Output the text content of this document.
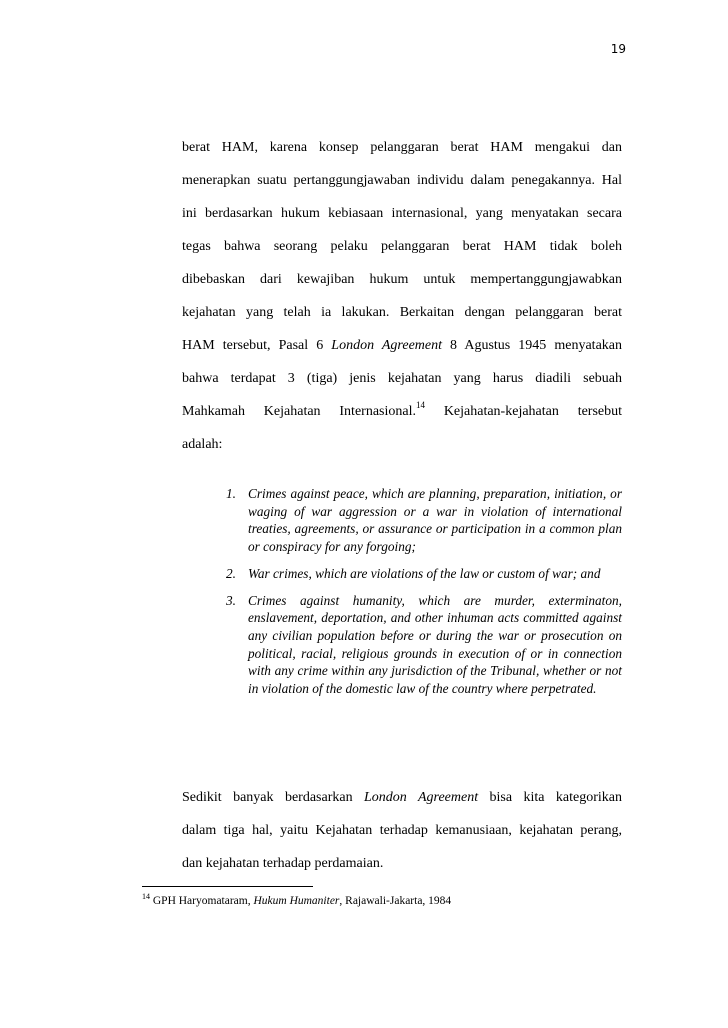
19
berat HAM, karena konsep pelanggaran berat HAM mengakui dan
menerapkan suatu pertanggungjawaban individu dalam penegakannya. Hal
ini berdasarkan hukum kebiasaan internasional, yang menyatakan secara
tegas bahwa seorang pelaku pelanggaran berat HAM tidak boleh
dibebaskan dari kewajiban hukum untuk mempertanggungjawabkan
kejahatan yang telah ia lakukan. Berkaitan dengan pelanggaran berat
HAM tersebut, Pasal 6 London Agreement 8 Agustus 1945 menyatakan
bahwa terdapat 3 (tiga) jenis kejahatan yang harus diadili sebuah
Mahkamah Kejahatan Internasional.$^{14}$ Kejahatan-kejahatan tersebut
adalah:
1. Crimes against peace, which are planning, preparation, initiation, or waging of war aggression or a war in violation of international treaties, agreements, or assurance or participation in a common plan or conspiracy for any forgoing;
2. War crimes, which are violations of the law or custom of war; and
3. Crimes against humanity, which are murder, exterminaton, enslavement, deportation, and other inhuman acts committed against any civilian population before or during the war or prosecution on political, racial, religious grounds in execution of or in connection with any crime within any jurisdiction of the Tribunal, whether or not in violation of the domestic law of the country where perpetrated.
Sedikit banyak berdasarkan London Agreement bisa kita kategorikan
dalam tiga hal, yaitu Kejahatan terhadap kemanusiaan, kejahatan perang,
dan kejahatan terhadap perdamaian.
$^{14}$ GPH Haryomataram, Hukum Humaniter, Rajawali-Jakarta, 1984
